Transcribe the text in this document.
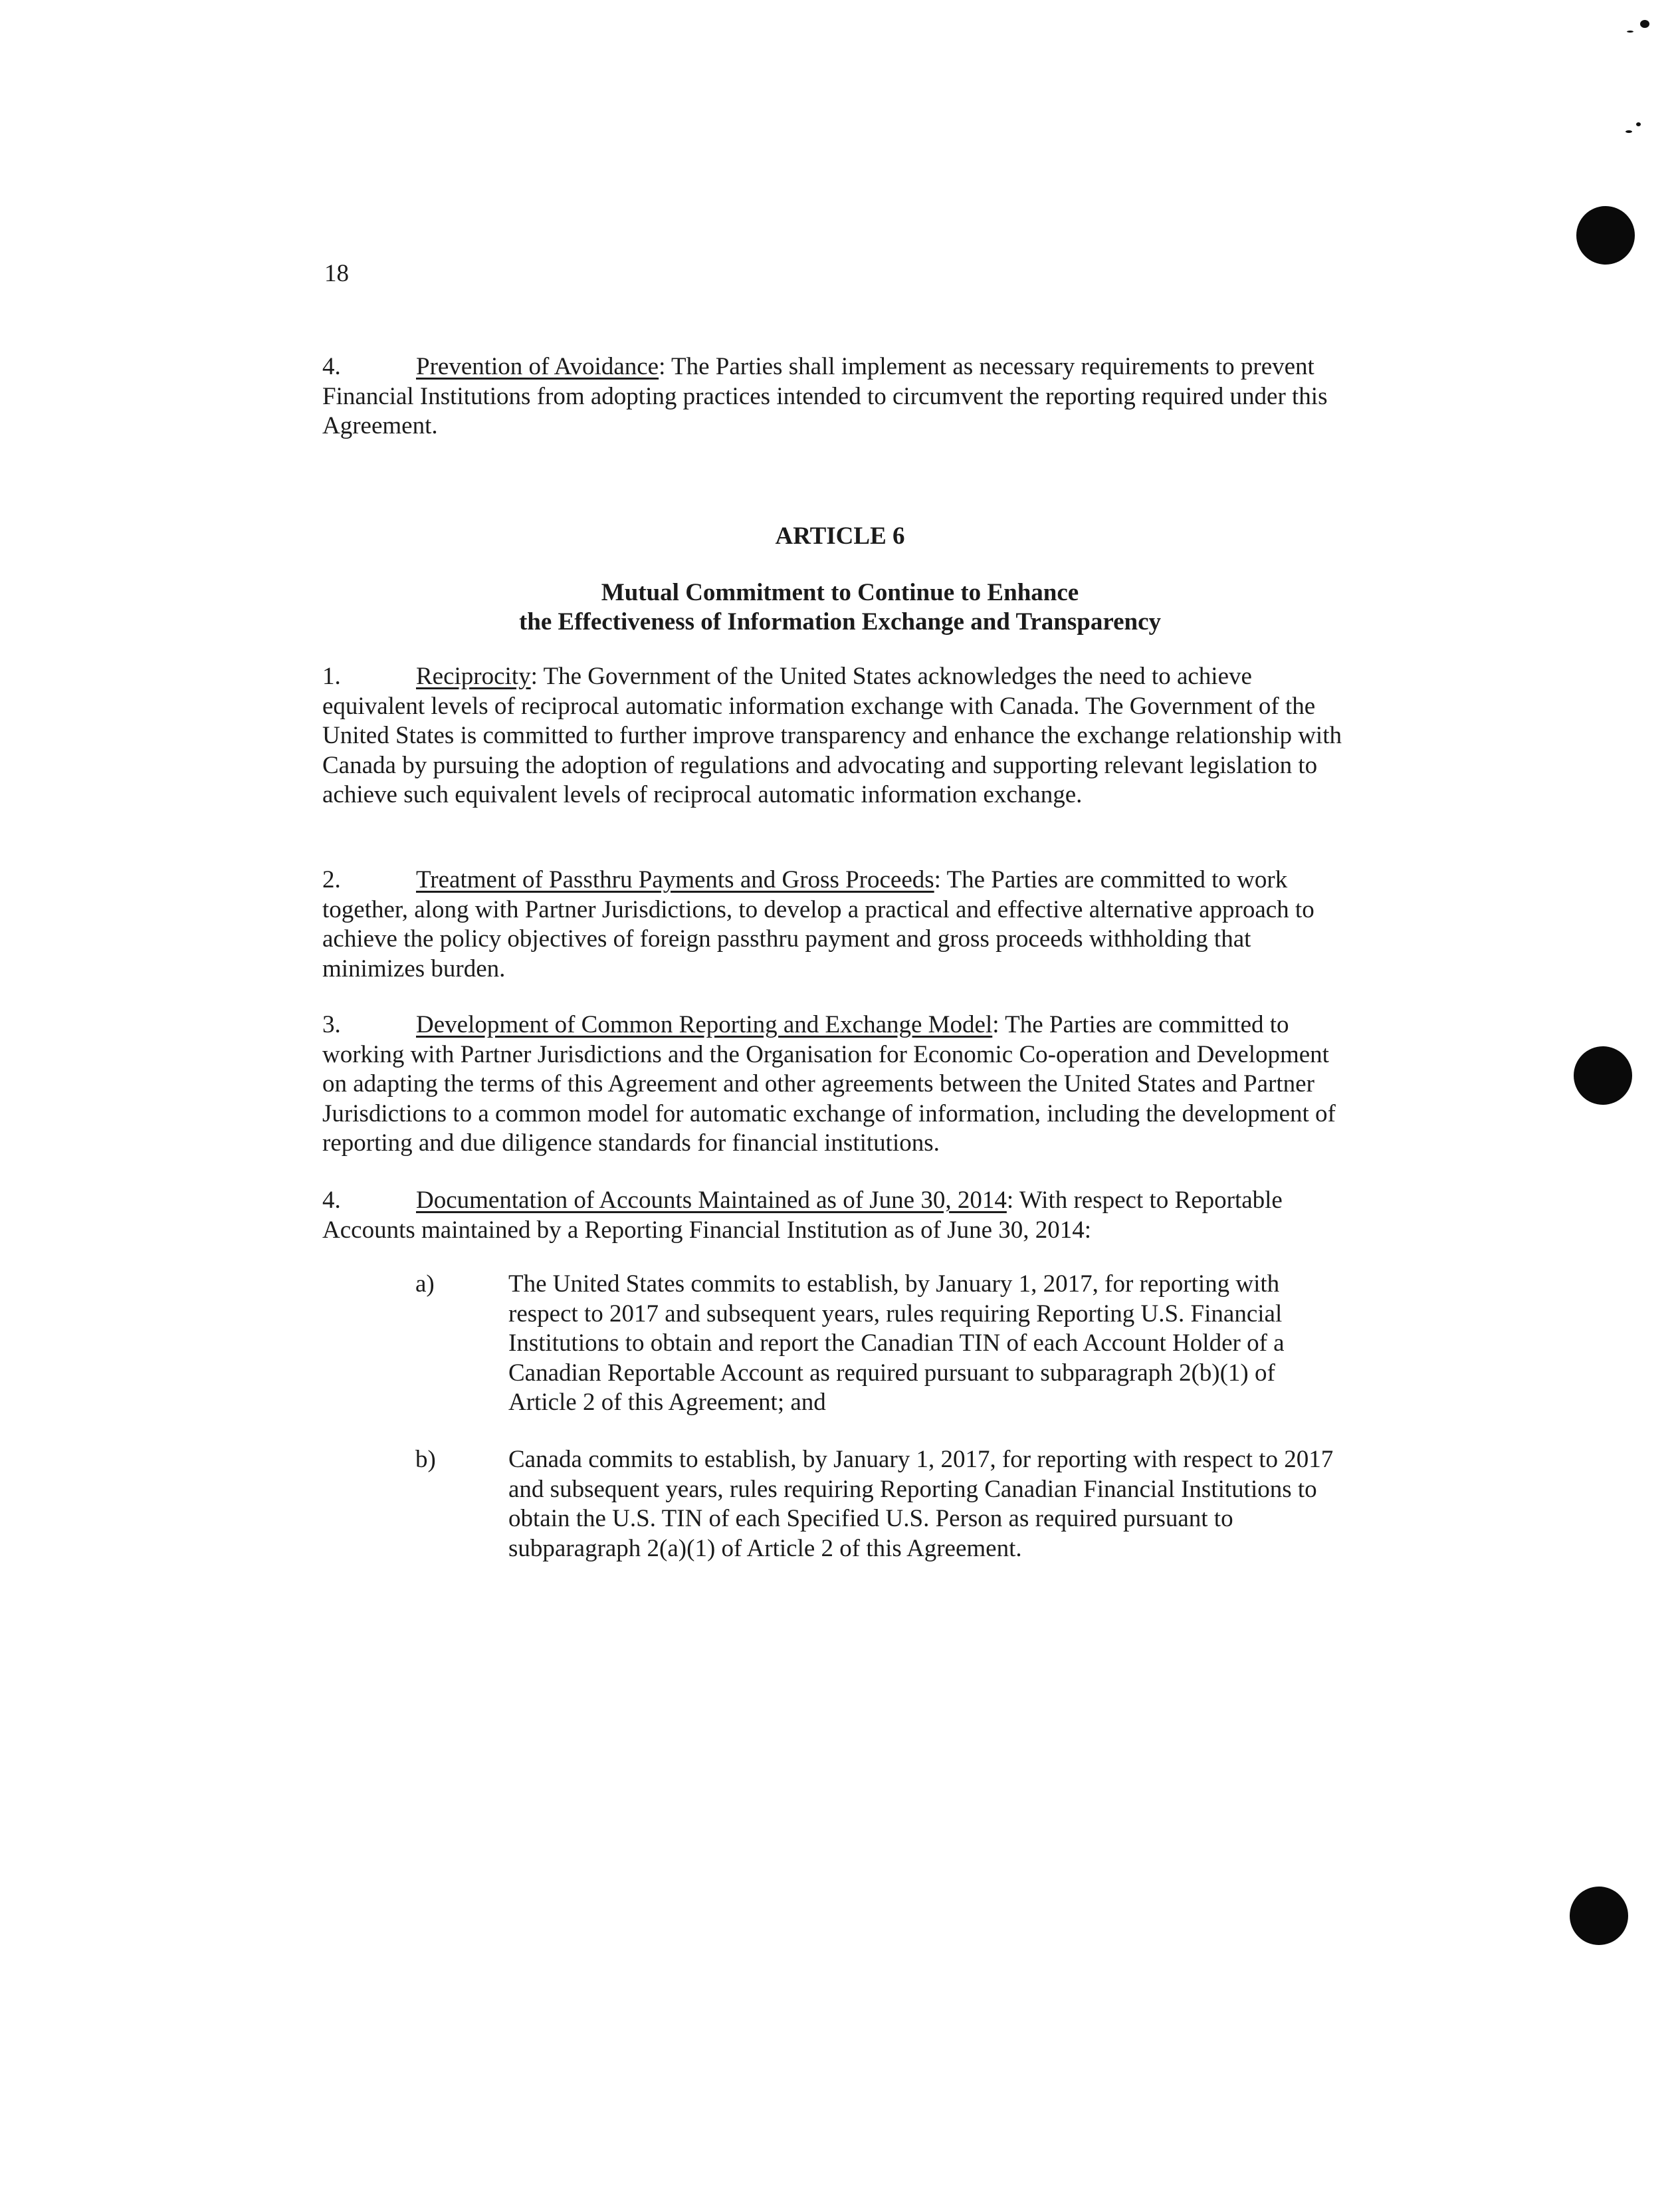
18
4.	Prevention of Avoidance: The Parties shall implement as necessary requirements to prevent Financial Institutions from adopting practices intended to circumvent the reporting required under this Agreement.
ARTICLE 6
Mutual Commitment to Continue to Enhance
the Effectiveness of Information Exchange and Transparency
1.	Reciprocity: The Government of the United States acknowledges the need to achieve equivalent levels of reciprocal automatic information exchange with Canada. The Government of the United States is committed to further improve transparency and enhance the exchange relationship with Canada by pursuing the adoption of regulations and advocating and supporting relevant legislation to achieve such equivalent levels of reciprocal automatic information exchange.
2.	Treatment of Passthru Payments and Gross Proceeds: The Parties are committed to work together, along with Partner Jurisdictions, to develop a practical and effective alternative approach to achieve the policy objectives of foreign passthru payment and gross proceeds withholding that minimizes burden.
3.	Development of Common Reporting and Exchange Model: The Parties are committed to working with Partner Jurisdictions and the Organisation for Economic Co-operation and Development on adapting the terms of this Agreement and other agreements between the United States and Partner Jurisdictions to a common model for automatic exchange of information, including the development of reporting and due diligence standards for financial institutions.
4.	Documentation of Accounts Maintained as of June 30, 2014: With respect to Reportable Accounts maintained by a Reporting Financial Institution as of June 30, 2014:
a)	The United States commits to establish, by January 1, 2017, for reporting with respect to 2017 and subsequent years, rules requiring Reporting U.S. Financial Institutions to obtain and report the Canadian TIN of each Account Holder of a Canadian Reportable Account as required pursuant to subparagraph 2(b)(1) of Article 2 of this Agreement; and
b)	Canada commits to establish, by January 1, 2017, for reporting with respect to 2017 and subsequent years, rules requiring Reporting Canadian Financial Institutions to obtain the U.S. TIN of each Specified U.S. Person as required pursuant to subparagraph 2(a)(1) of Article 2 of this Agreement.
